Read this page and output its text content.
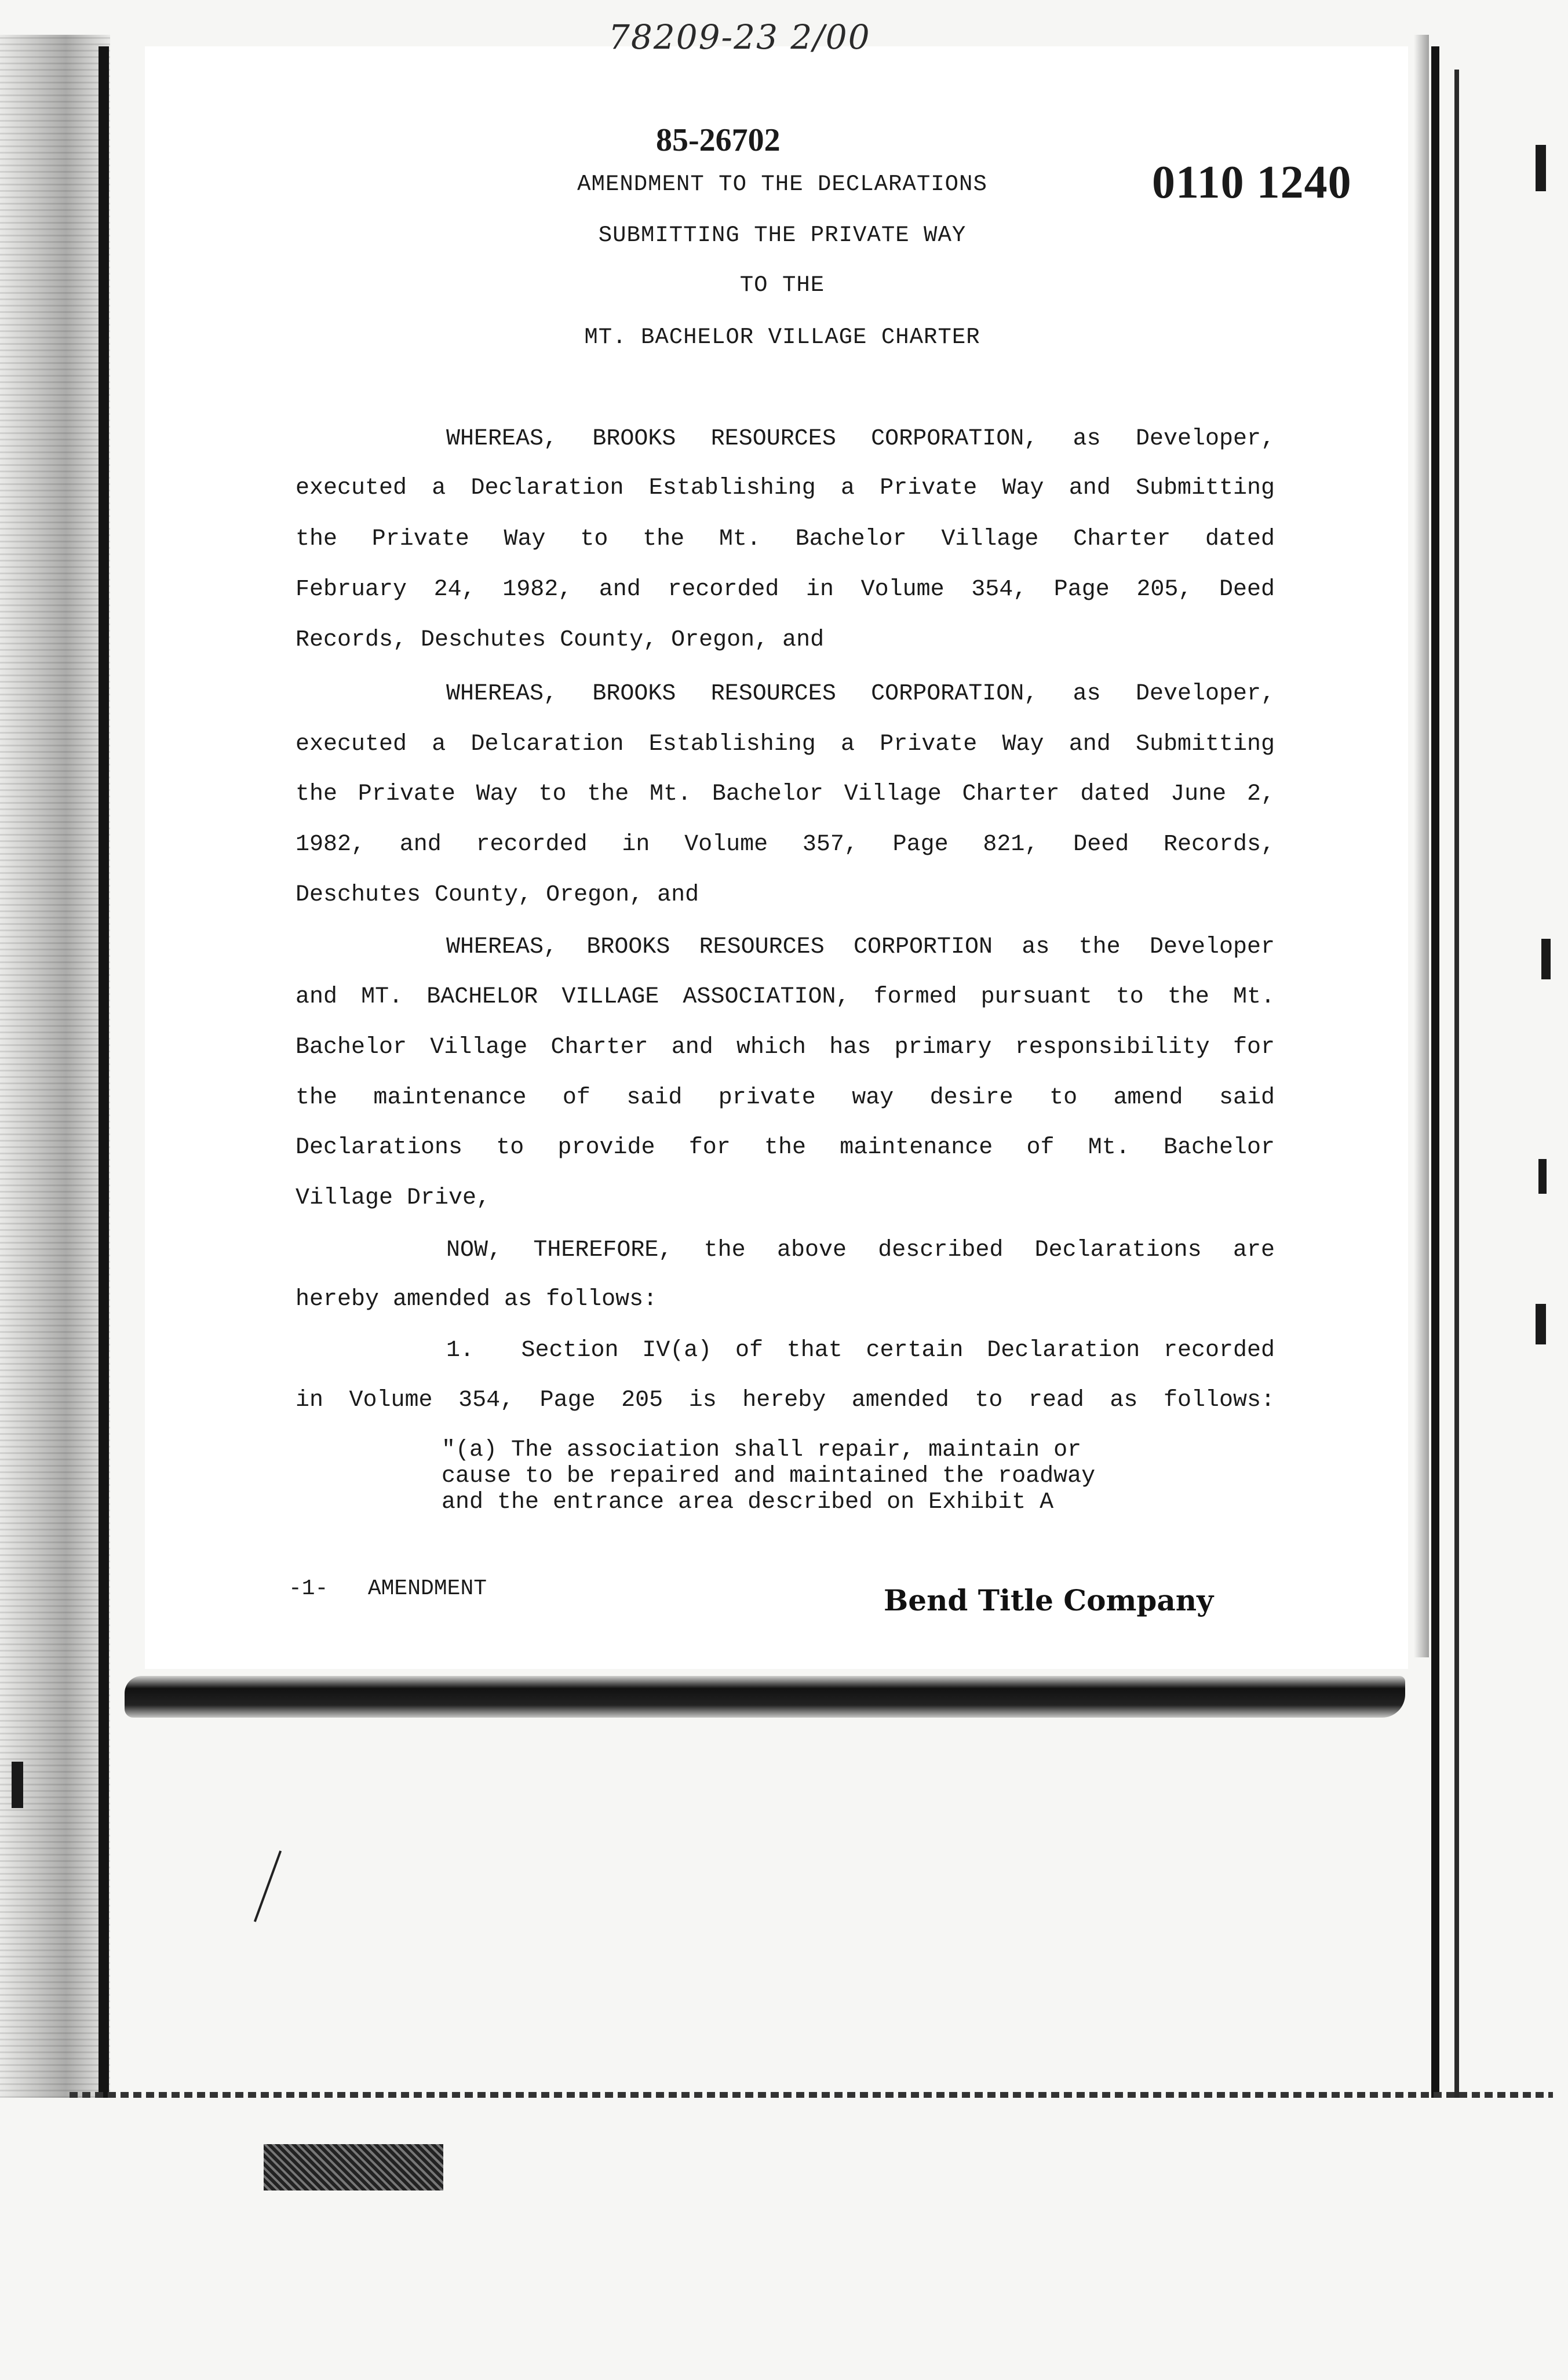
78209-23 2/00
85-26702
0110 1240
AMENDMENT TO THE DECLARATIONS
SUBMITTING THE PRIVATE WAY
TO THE
MT. BACHELOR VILLAGE CHARTER
WHEREAS, BROOKS RESOURCES CORPORATION, as Developer,
executed a Declaration Establishing a Private Way and Submitting
the Private Way to the Mt. Bachelor Village Charter dated
February 24, 1982, and recorded in Volume 354, Page 205, Deed
Records, Deschutes County, Oregon, and
WHEREAS, BROOKS RESOURCES CORPORATION, as Developer,
executed a Delcaration Establishing a Private Way and Submitting
the Private Way to the Mt. Bachelor Village Charter dated June 2,
1982, and recorded in Volume 357, Page 821, Deed Records,
Deschutes County, Oregon, and
WHEREAS, BROOKS RESOURCES CORPORTION as the Developer
and MT. BACHELOR VILLAGE ASSOCIATION, formed pursuant to the Mt.
Bachelor Village Charter and which has primary responsibility for
the maintenance of said private way desire to amend said
Declarations to provide for the maintenance of Mt. Bachelor
Village Drive,
NOW, THEREFORE, the above described Declarations are
hereby amended as follows:
1.  Section IV(a) of that certain Declaration recorded
in Volume 354, Page 205 is hereby amended to read as follows:
"(a) The association shall repair, maintain or
cause to be repaired and maintained the roadway
and the entrance area described on Exhibit A
-1-   AMENDMENT	Bend Title Company
